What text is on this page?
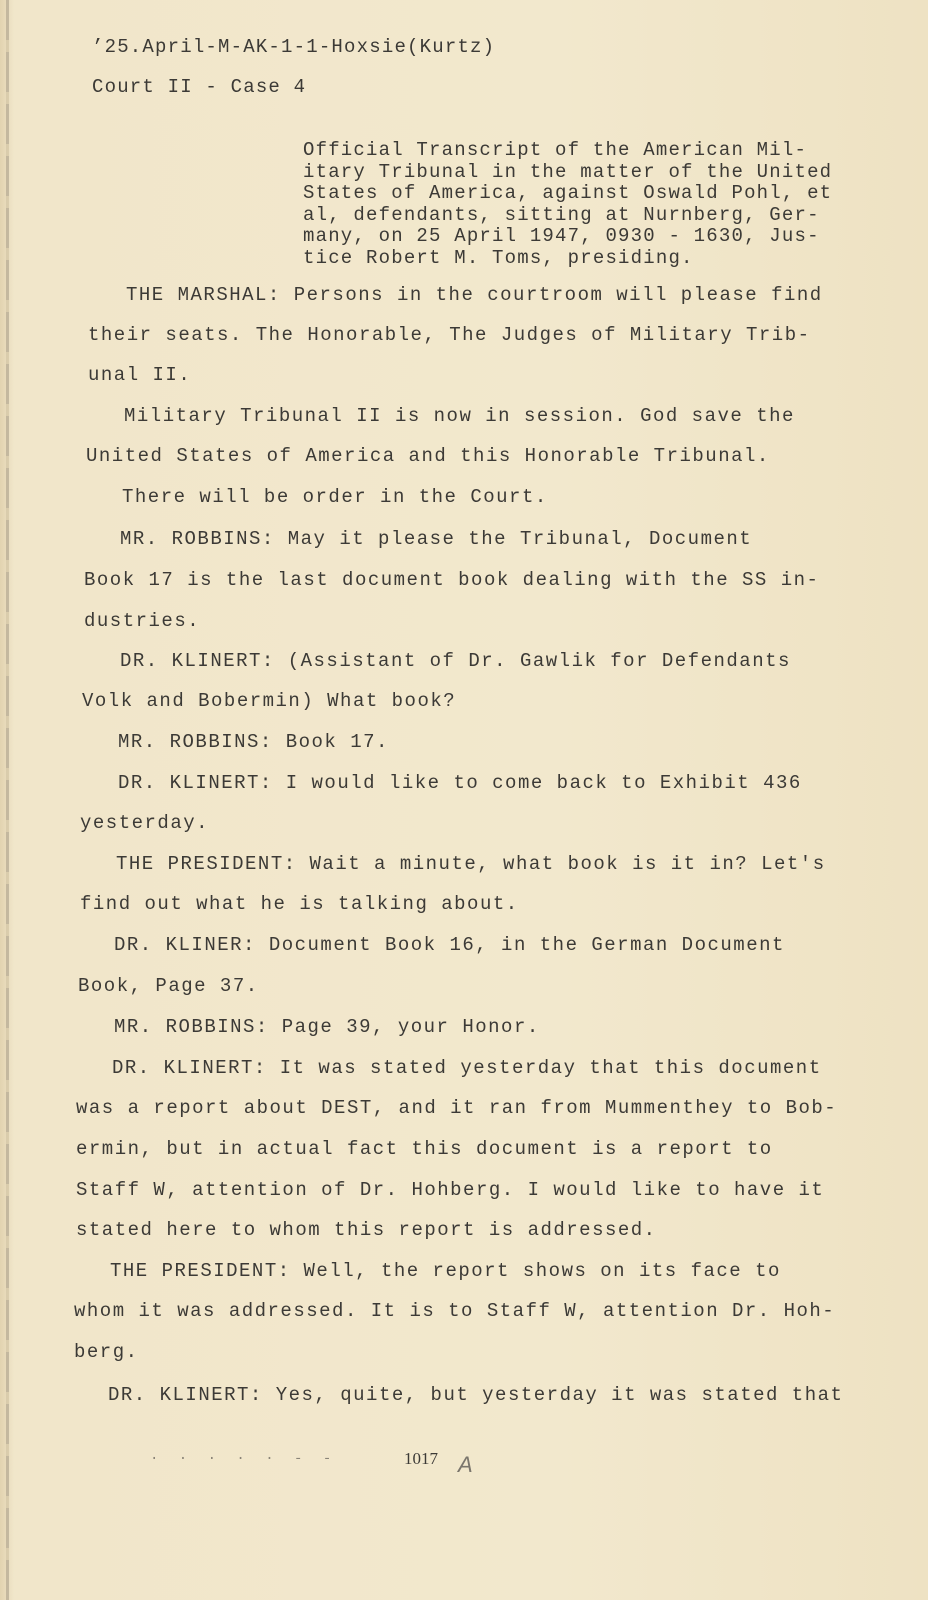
’25.April-M-AK-1-1-Hoxsie(Kurtz)
Court II - Case 4
Official Transcript of the American Mil-
itary Tribunal in the matter of the United
States of America, against Oswald Pohl, et
al, defendants, sitting at Nurnberg, Ger-
many, on 25 April 1947, 0930 - 1630, Jus-
tice Robert M. Toms, presiding.
THE MARSHAL: Persons in the courtroom will please find
their seats. The Honorable, The Judges of Military Trib-
unal II.
Military Tribunal II is now in session. God save the
United States of America and this Honorable Tribunal.
There will be order in the Court.
MR. ROBBINS: May it please the Tribunal, Document
Book 17 is the last document book dealing with the SS in-
dustries.
DR. KLINERT: (Assistant of Dr. Gawlik for Defendants
Volk and Bobermin) What book?
MR. ROBBINS: Book 17.
DR. KLINERT: I would like to come back to Exhibit 436
yesterday.
THE PRESIDENT: Wait a minute, what book is it in? Let's
find out what he is talking about.
DR. KLINER: Document Book 16, in the German Document
Book, Page 37.
MR. ROBBINS: Page 39, your Honor.
DR. KLINERT: It was stated yesterday that this document
was a report about DEST, and it ran from Mummenthey to Bob-
ermin, but in actual fact this document is a report to
Staff W, attention of Dr. Hohberg. I would like to have it
stated here to whom this report is addressed.
THE PRESIDENT: Well, the report shows on its face to
whom it was addressed. It is to Staff W, attention Dr. Hoh-
berg.
DR. KLINERT: Yes, quite, but yesterday it was stated that
· · · · · - -	1017 A
